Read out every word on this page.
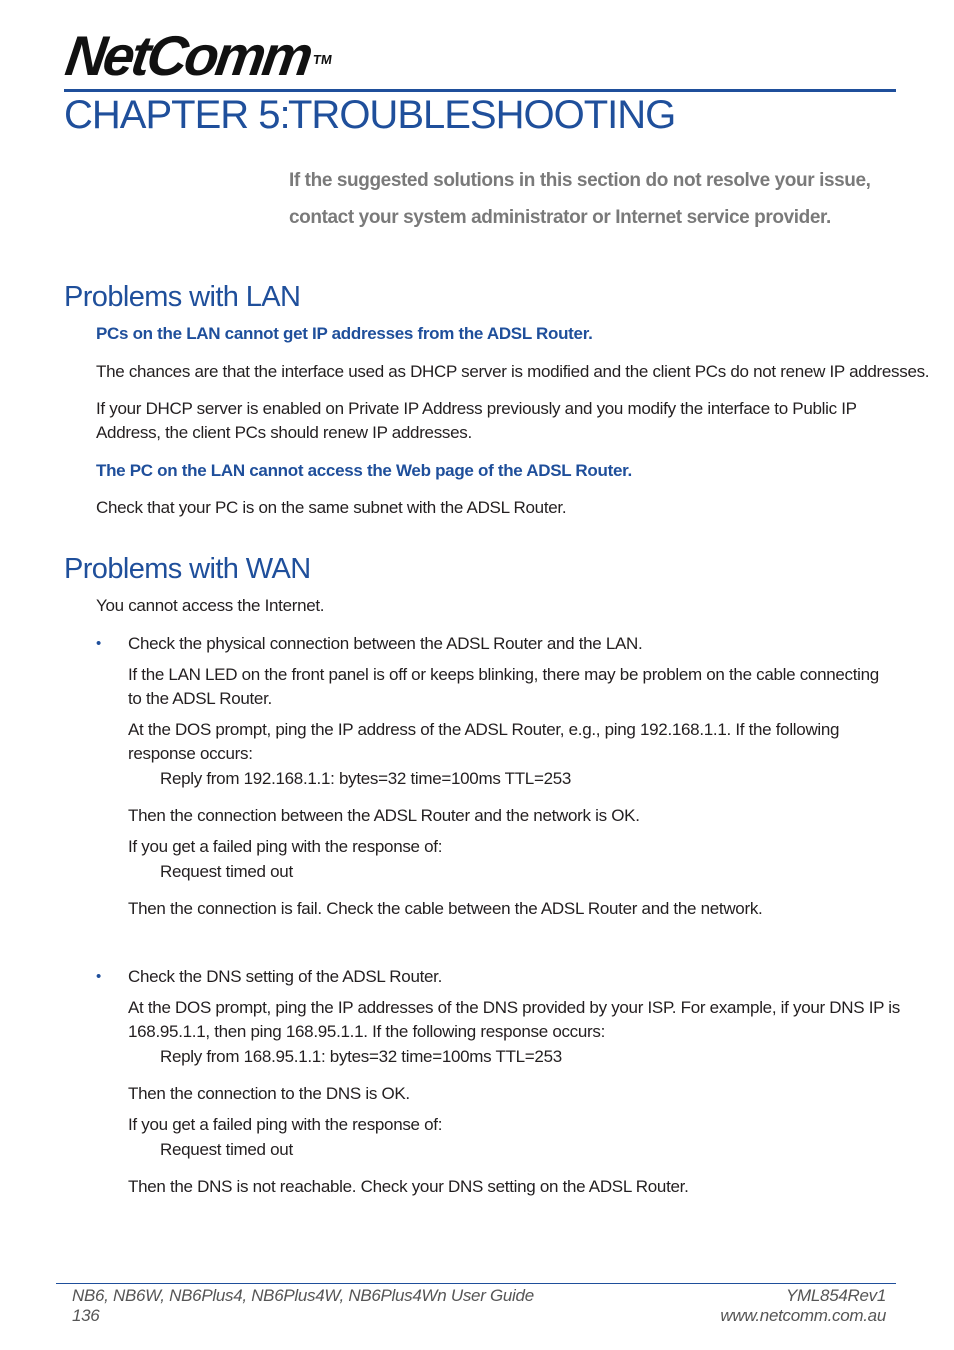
NetComm™
CHAPTER 5:TROUBLESHOOTING
If the suggested solutions in this section do not resolve your issue,
contact your system administrator or Internet service provider.
Problems with LAN
PCs on the LAN cannot get IP addresses from the ADSL Router.
The chances are that the interface used as DHCP server is modified and the client PCs do not renew IP addresses.
If your DHCP server is enabled on Private IP Address previously and you modify the interface to Public IP
Address, the client PCs should renew IP addresses.
The PC on the LAN cannot access the Web page of the ADSL Router.
Check that your PC is on the same subnet with the ADSL Router.
Problems with WAN
You cannot access the Internet.
• Check the physical connection between the ADSL Router and the LAN.
If the LAN LED on the front panel is off or keeps blinking, there may be problem on the cable connecting
to the ADSL Router.
At the DOS prompt, ping the IP address of the ADSL Router, e.g., ping 192.168.1.1. If the following
response occurs:
Reply from 192.168.1.1: bytes=32 time=100ms TTL=253
Then the connection between the ADSL Router and the network is OK.
If you get a failed ping with the response of:
Request timed out
Then the connection is fail. Check the cable between the ADSL Router and the network.
• Check the DNS setting of the ADSL Router.
At the DOS prompt, ping the IP addresses of the DNS provided by your ISP. For example, if your DNS IP is
168.95.1.1, then ping 168.95.1.1. If the following response occurs:
Reply from 168.95.1.1: bytes=32 time=100ms TTL=253
Then the connection to the DNS is OK.
If you get a failed ping with the response of:
Request timed out
Then the DNS is not reachable. Check your DNS setting on the ADSL Router.
NB6, NB6W, NB6Plus4, NB6Plus4W, NB6Plus4Wn User Guide
136
YML854Rev1
www.netcomm.com.au
